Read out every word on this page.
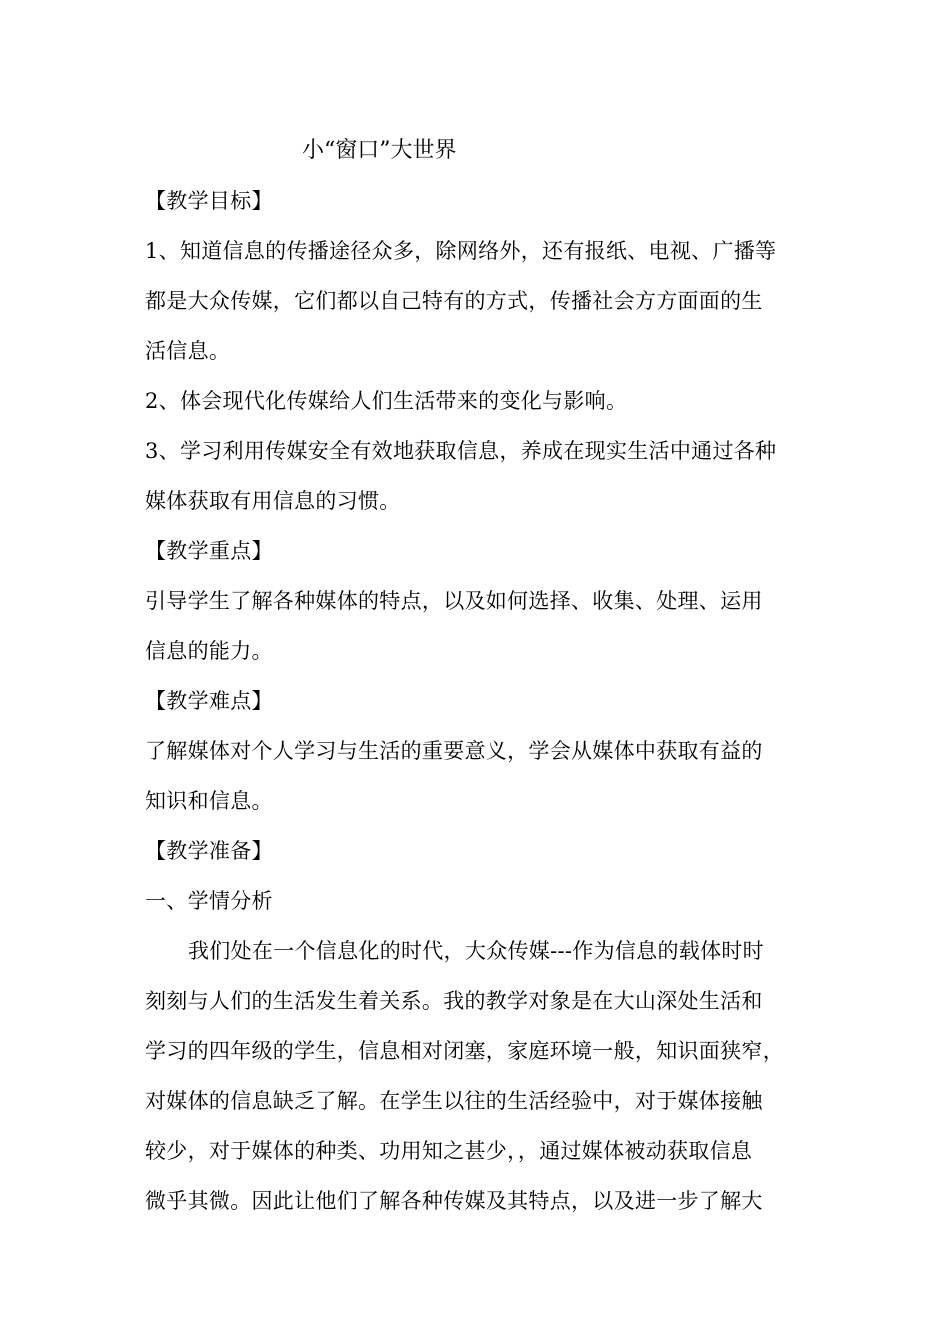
小“窗口”大世界
【教学目标】
1、知道信息的传播途径众多，除网络外，还有报纸、电视、广播等
都是大众传媒，它们都以自己特有的方式，传播社会方方面面的生
活信息。
2、体会现代化传媒给人们生活带来的变化与影响。
3、学习利用传媒安全有效地获取信息，养成在现实生活中通过各种
媒体获取有用信息的习惯。
【教学重点】
引导学生了解各种媒体的特点，以及如何选择、收集、处理、运用
信息的能力。
【教学难点】
了解媒体对个人学习与生活的重要意义，学会从媒体中获取有益的
知识和信息。
【教学准备】
一、学情分析
我们处在一个信息化的时代，大众传媒---作为信息的载体时时
刻刻与人们的生活发生着关系。我的教学对象是在大山深处生活和
学习的四年级的学生，信息相对闭塞，家庭环境一般，知识面狭窄，
对媒体的信息缺乏了解。在学生以往的生活经验中，对于媒体接触
较少，对于媒体的种类、功用知之甚少，，通过媒体被动获取信息
微乎其微。因此让他们了解各种传媒及其特点，以及进一步了解大
